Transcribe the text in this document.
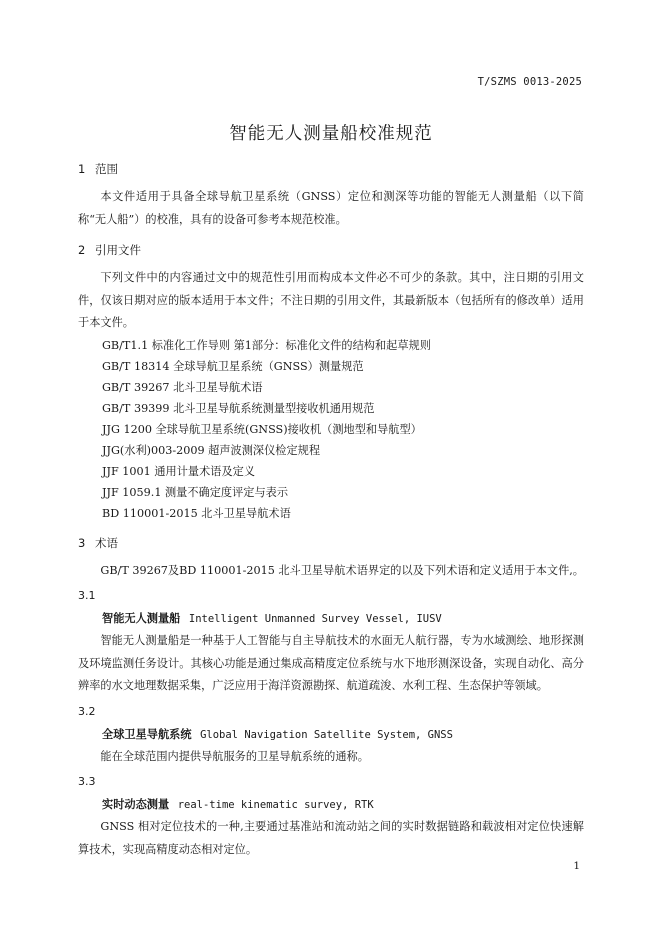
T/SZMS 0013-2025
智能无人测量船校准规范
1 范围

本文件适用于具备全球导航卫星系统（GNSS）定位和测深等功能的智能无人测量船（以下简称“无人船”）的校准，具有的设备可参考本规范校准。

2 引用文件

下列文件中的内容通过文中的规范性引用而构成本文件必不可少的条款。其中，注日期的引用文件，仅该日期对应的版本适用于本文件；不注日期的引用文件，其最新版本（包括所有的修改单）适用于本文件。

GB/T1.1 标准化工作导则 第1部分：标准化文件的结构和起草规则
GB/T 18314 全球导航卫星系统（GNSS）测量规范
GB/T 39267 北斗卫星导航术语
GB/T 39399 北斗卫星导航系统测量型接收机通用规范
JJG 1200 全球导航卫星系统(GNSS)接收机（测地型和导航型）
JJG(水利)003-2009 超声波测深仪检定规程
JJF 1001 通用计量术语及定义
JJF 1059.1 测量不确定度评定与表示
BD 110001-2015 北斗卫星导航术语
3 术语

GB/T 39267及BD 110001-2015 北斗卫星导航术语界定的以及下列术语和定义适用于本文件,。

3.1

智能无人测量船 Intelligent Unmanned Survey Vessel, IUSV

智能无人测量船是一种基于人工智能与自主导航技术的水面无人航行器，专为水域测绘、地形探测及环境监测任务设计。其核心功能是通过集成高精度定位系统与水下地形测深设备，实现自动化、高分辨率的水文地理数据采集，广泛应用于海洋资源勘探、航道疏浚、水利工程、生态保护等领域。

3.2

全球卫星导航系统 Global Navigation Satellite System, GNSS

能在全球范围内提供导航服务的卫星导航系统的通称。

3.3

实时动态测量 real-time kinematic survey, RTK

GNSS 相对定位技术的一种,主要通过基准站和流动站之间的实时数据链路和载波相对定位快速解算技术，实现高精度动态相对定位。

1
